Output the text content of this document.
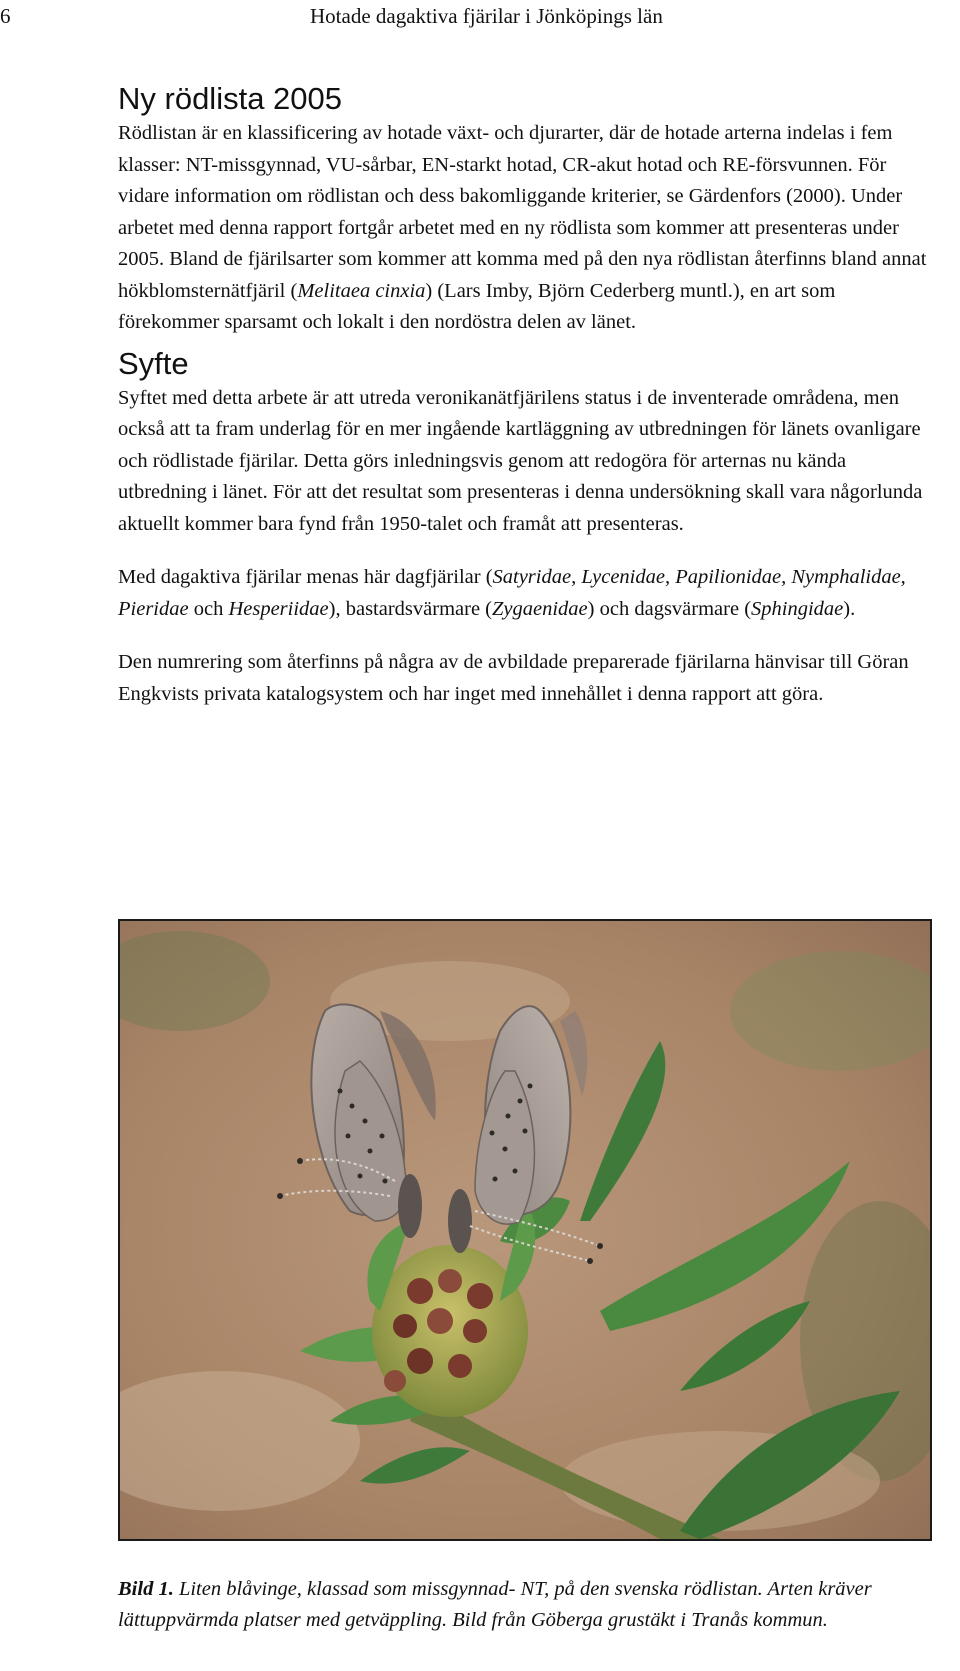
6	Hotade dagaktiva fjärilar i Jönköpings län
Ny rödlista 2005

Rödlistan är en klassificering av hotade växt- och djurarter, där de hotade arterna indelas i fem klasser: NT-missgynnad, VU-sårbar, EN-starkt hotad, CR-akut hotad och RE-försvunnen. För vidare information om rödlistan och dess bakomliggande kriterier, se Gärdenfors (2000). Under arbetet med denna rapport fortgår arbetet med en ny rödlista som kommer att presenteras under 2005. Bland de fjärilsarter som kommer att komma med på den nya rödlistan återfinns bland annat hökblomsternätfjäril (Melitaea cinxia) (Lars Imby, Björn Cederberg muntl.), en art som förekommer sparsamt och lokalt i den nordöstra delen av länet.

Syfte

Syftet med detta arbete är att utreda veronikanätfjärilens status i de inventerade områdena, men också att ta fram underlag för en mer ingående kartläggning av utbredningen för länets ovanligare och rödlistade fjärilar. Detta görs inledningsvis genom att redogöra för arternas nu kända utbredning i länet. För att det resultat som presenteras i denna undersökning skall vara någorlunda aktuellt kommer bara fynd från 1950-talet och framåt att presenteras.

Med dagaktiva fjärilar menas här dagfjärilar (Satyridae, Lycenidae, Papilionidae, Nymphalidae, Pieridae och Hesperiidae), bastardsvärmare (Zygaenidae) och dagsvärmare (Sphingidae).

Den numrering som återfinns på några av de avbildade preparerade fjärilarna hänvisar till Göran Engkvists privata katalogsystem och har inget med innehållet i denna rapport att göra.

Bild 1. Liten blåvinge, klassad som missgynnad- NT, på den svenska rödlistan. Arten kräver lättuppvärmda platser med getväppling. Bild från Göberga grustäkt i Tranås kommun.
